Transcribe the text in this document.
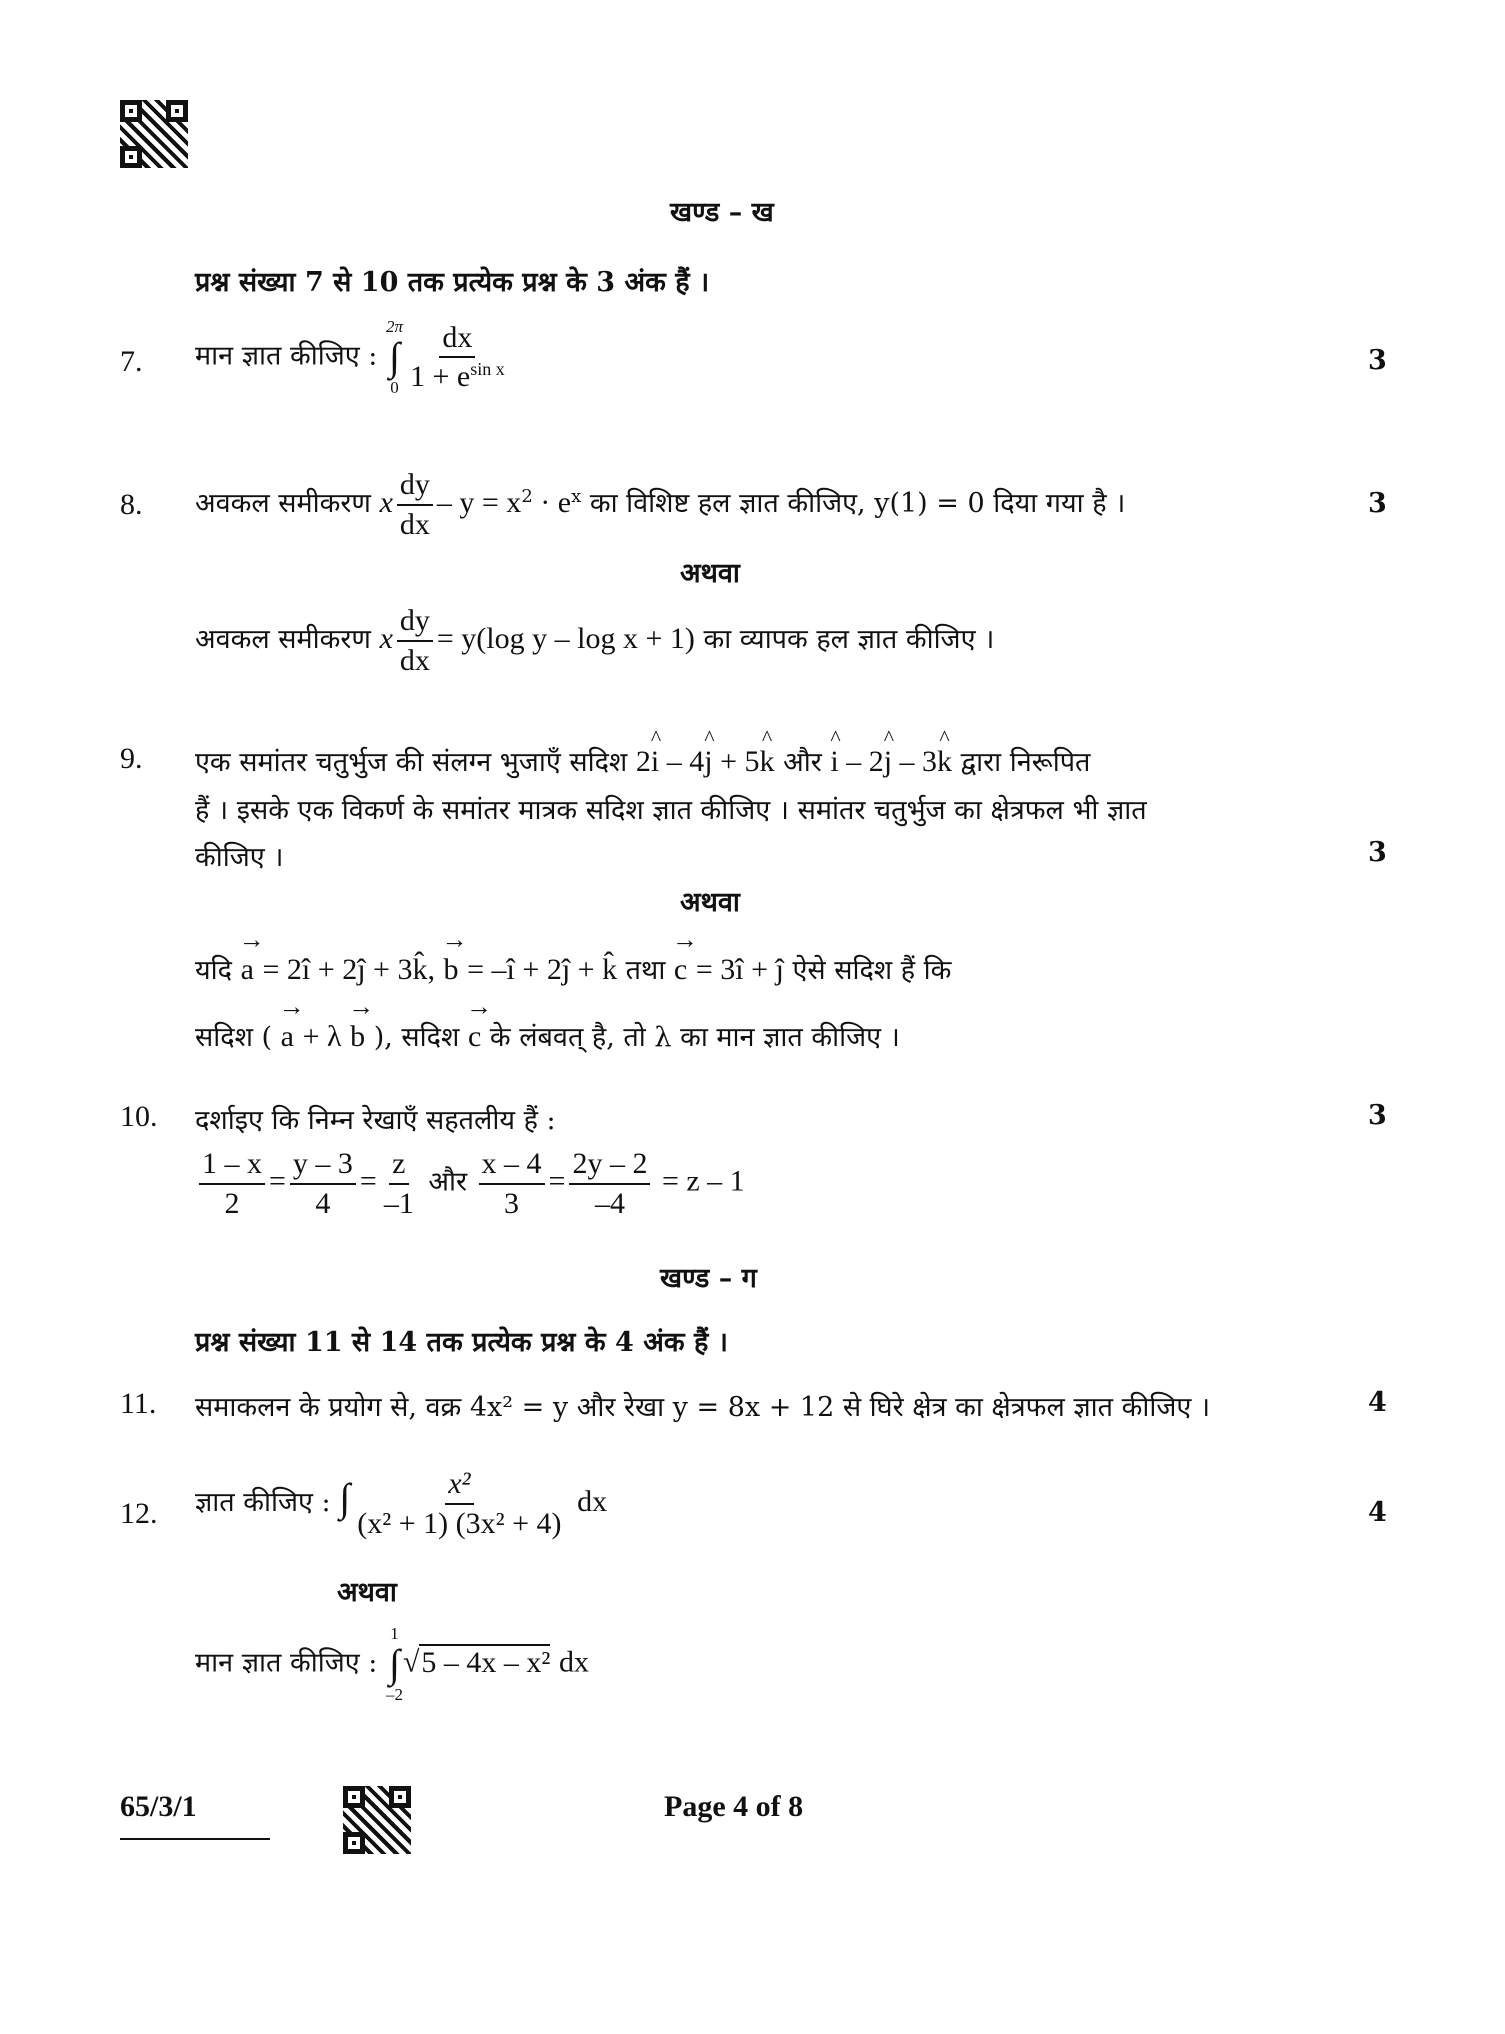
खण्ड – ख
प्रश्न संख्या 7 से 10 तक प्रत्येक प्रश्न के 3 अंक हैं ।
7. मान ज्ञात कीजिए :
2π
∫
$0 \frac{dx}{1 + e^{sin x}}$	3
8. अवकल समीकरण x $\frac{dy}{dx} - y = x^2 \cdot e^x$ का विशिष्ट हल ज्ञात कीजिए, y(1) = 0 दिया गया है ।	3
अथवा
अवकल समीकरण x $\frac{dy}{dx} = y(\log$ y – log x + 1) का व्यापक हल ज्ञात कीजिए ।
9. एक समांतर चतुर्भुज की संलग्न भुजाएँ सदिश 2^ i – 4^ j + 5^ k और ^ i – 2^ j – 3^ k द्वारा निरूपित
हैं । इसके एक विकर्ण के समांतर मात्रक सदिश ज्ञात कीजिए । समांतर चतुर्भुज का क्षेत्रफल भी ज्ञात
कीजिए ।	3
अथवा
यदि → a = 2î + 2ĵ + 3k̂, → b = –î + 2ĵ + k̂ तथा → c = 3î + ĵ ऐसे सदिश हैं कि
सदिश ( → a + λ → b ), सदिश → c के लंबवत् है, तो λ का मान ज्ञात कीजिए ।
10. दर्शाइए कि निम्न रेखाएँ सहतलीय हैं :	3
$\frac{1 - x}{2} = \frac{y - 3}{4} = \frac{z}{-1}$ और $\frac{x - 4}{3} = \frac{2y - 2}{-4} = z - 1$
खण्ड – ग
प्रश्न संख्या 11 से 14 तक प्रत्येक प्रश्न के 4 अंक हैं ।
11. समाकलन के प्रयोग से, वक्र 4x² = y और रेखा y = 8x + 12 से घिरे क्षेत्र का क्षेत्रफल ज्ञात कीजिए ।	4
12. ज्ञात कीजिए : ∫ $\frac{\text{x²}}{\text{(x² + 1) (3x² + 4)}}$ dx	4
अथवा
मान ज्ञात कीजिए :
1
∫
–2
√5 – 4x – x² dx
65/3/1	Page 4 of 8
